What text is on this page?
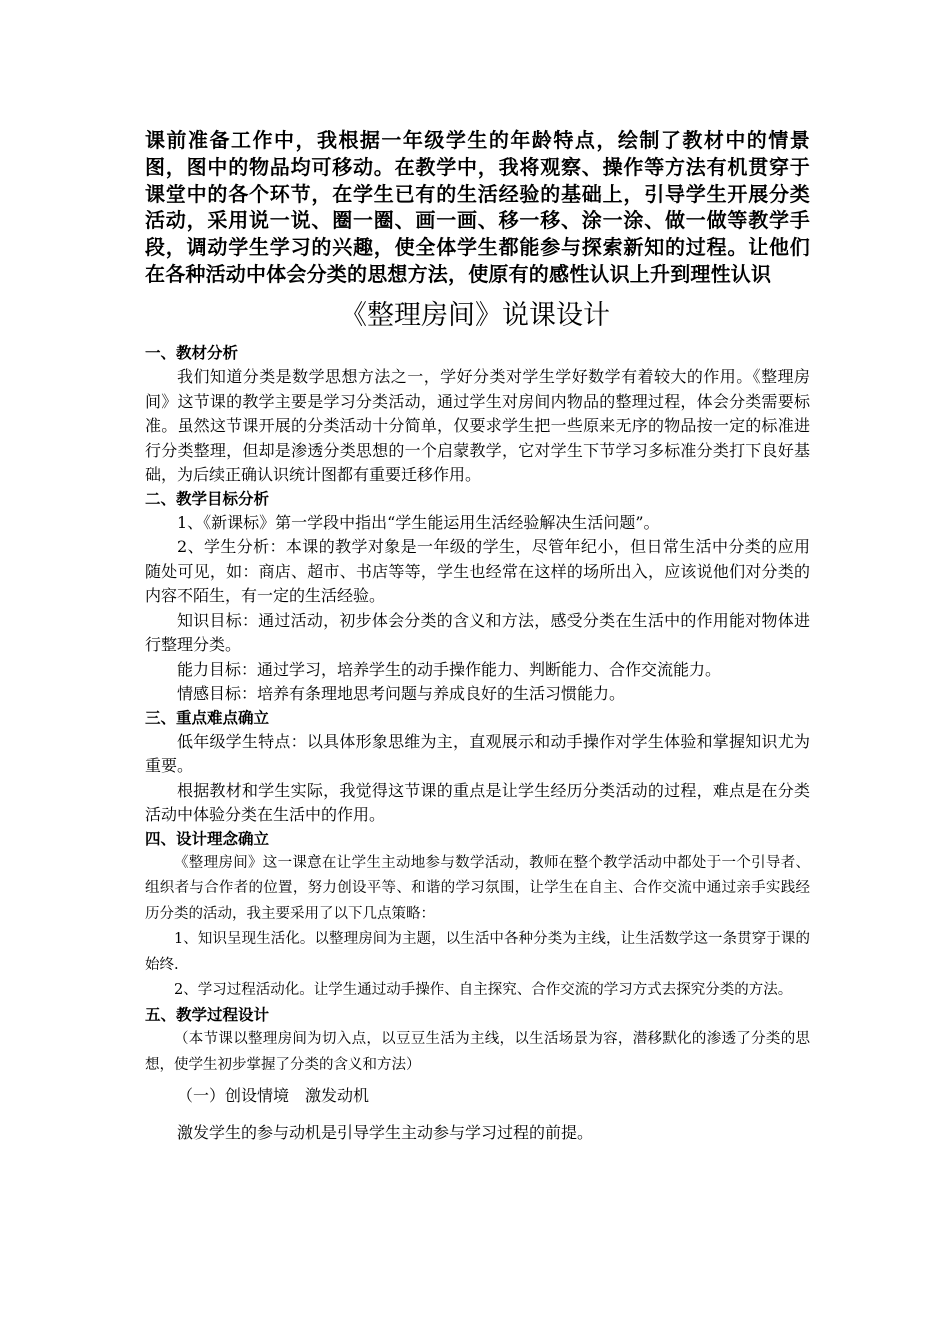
课前准备工作中，我根据一年级学生的年龄特点，绘制了教材中的情景图，图中的物品均可移动。在教学中，我将观察、操作等方法有机贯穿于课堂中的各个环节，在学生已有的生活经验的基础上，引导学生开展分类活动，采用说一说、圈一圈、画一画、移一移、涂一涂、做一做等教学手段，调动学生学习的兴趣，使全体学生都能参与探索新知的过程。让他们在各种活动中体会分类的思想方法，使原有的感性认识上升到理性认识
《整理房间》说课设计

一、教材分析

我们知道分类是数学思想方法之一，学好分类对学生学好数学有着较大的作用。《整理房间》这节课的教学主要是学习分类活动，通过学生对房间内物品的整理过程，体会分类需要标准。虽然这节课开展的分类活动十分简单，仅要求学生把一些原来无序的物品按一定的标准进行分类整理，但却是渗透分类思想的一个启蒙教学，它对学生下节学习多标准分类打下良好基础，为后续正确认识统计图都有重要迁移作用。

二、教学目标分析

1、《新课标》第一学段中指出“学生能运用生活经验解决生活问题”。

2、学生分析：本课的教学对象是一年级的学生，尽管年纪小，但日常生活中分类的应用随处可见，如：商店、超市、书店等等，学生也经常在这样的场所出入，应该说他们对分类的内容不陌生，有一定的生活经验。

知识目标：通过活动，初步体会分类的含义和方法，感受分类在生活中的作用能对物体进行整理分类。

能力目标：通过学习，培养学生的动手操作能力、判断能力、合作交流能力。

情感目标：培养有条理地思考问题与养成良好的生活习惯能力。

三、重点难点确立

低年级学生特点：以具体形象思维为主，直观展示和动手操作对学生体验和掌握知识尤为重要。

根据教材和学生实际，我觉得这节课的重点是让学生经历分类活动的过程，难点是在分类活动中体验分类在生活中的作用。

四、设计理念确立

《整理房间》这一课意在让学生主动地参与数学活动，教师在整个教学活动中都处于一个引导者、组织者与合作者的位置，努力创设平等、和谐的学习氛围，让学生在自主、合作交流中通过亲手实践经历分类的活动，我主要采用了以下几点策略：

1、知识呈现生活化。以整理房间为主题，以生活中各种分类为主线，让生活数学这一条贯穿于课的始终.

2、学习过程活动化。让学生通过动手操作、自主探究、合作交流的学习方式去探究分类的方法。

五、教学过程设计

（本节课以整理房间为切入点，以豆豆生活为主线，以生活场景为容，潜移默化的渗透了分类的思想，使学生初步掌握了分类的含义和方法）

（一）创设情境　激发动机

激发学生的参与动机是引导学生主动参与学习过程的前提。
